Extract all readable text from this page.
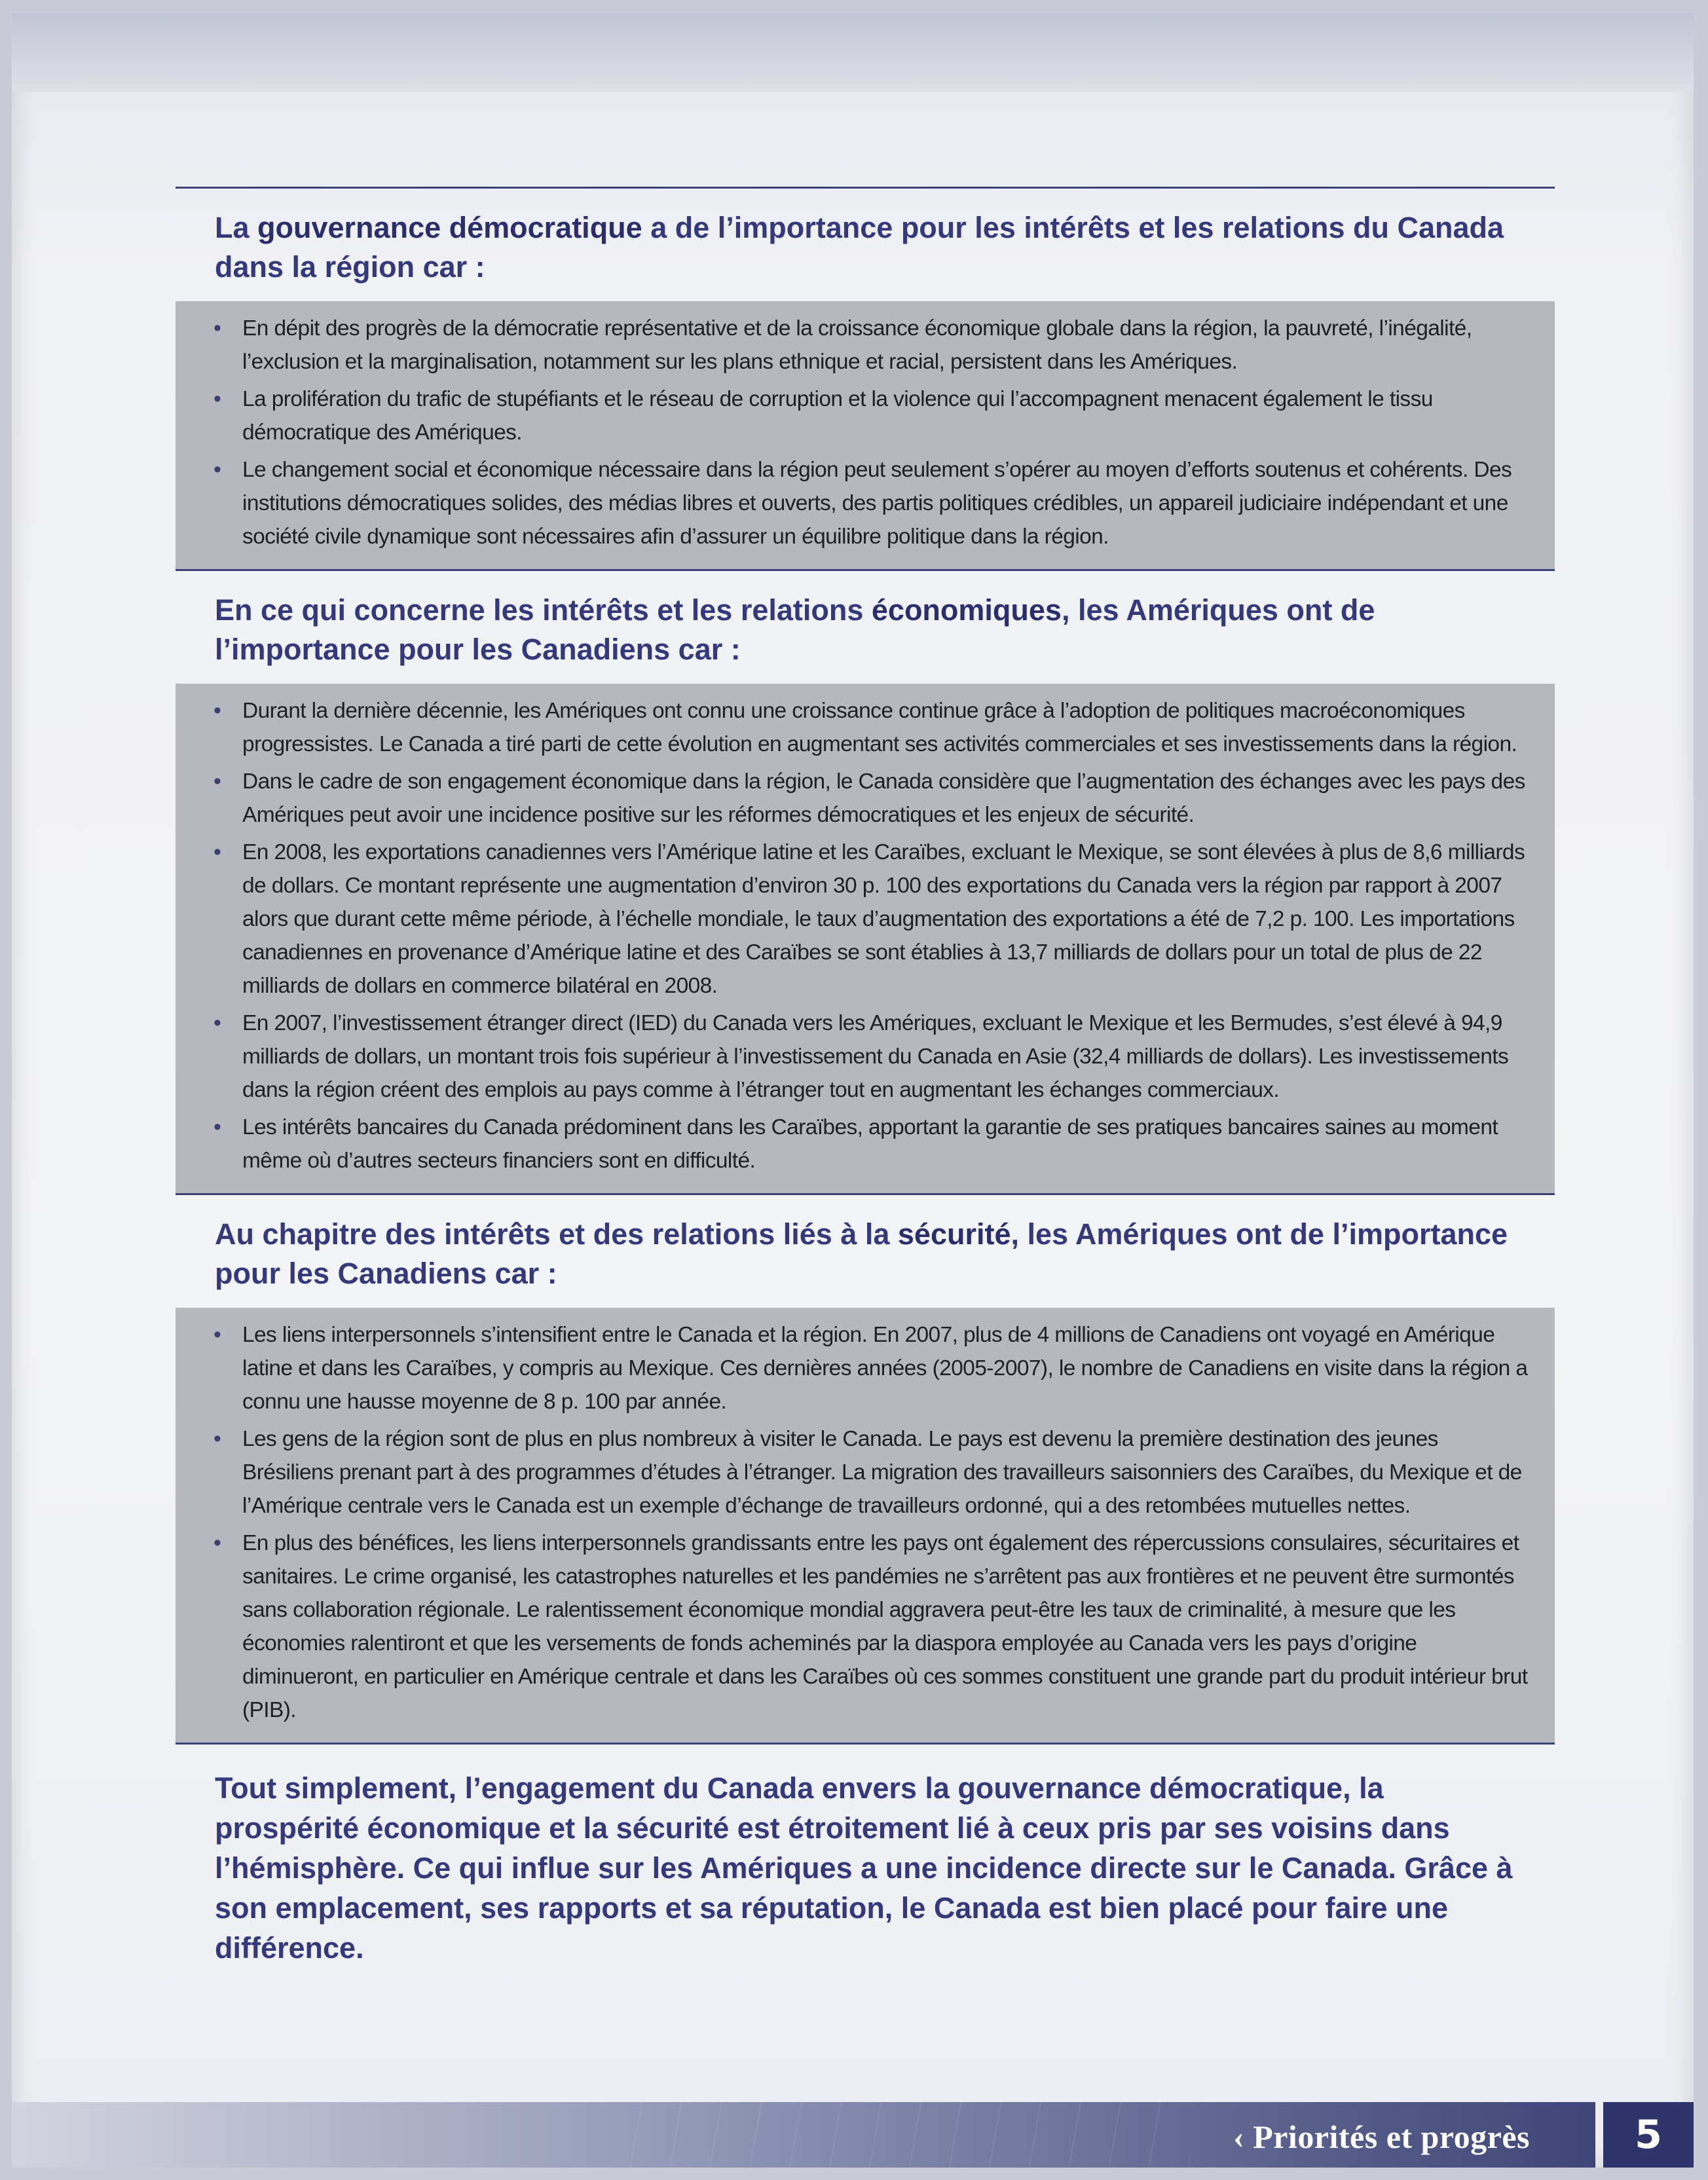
La gouvernance démocratique a de l’importance pour les intérêts et les relations du Canada dans la région car :
• En dépit des progrès de la démocratie représentative et de la croissance économique globale dans la région, la pauvreté, l’inégalité, l’exclusion et la marginalisation, notamment sur les plans ethnique et racial, persistent dans les Amériques.
• La prolifération du trafic de stupéfiants et le réseau de corruption et la violence qui l’accompagnent menacent également le tissu démocratique des Amériques.
• Le changement social et économique nécessaire dans la région peut seulement s’opérer au moyen d’efforts soutenus et cohérents. Des institutions démocratiques solides, des médias libres et ouverts, des partis politiques crédibles, un appareil judiciaire indépendant et une société civile dynamique sont nécessaires afin d’assurer un équilibre politique dans la région.
En ce qui concerne les intérêts et les relations économiques, les Amériques ont de l’importance pour les Canadiens car :
• Durant la dernière décennie, les Amériques ont connu une croissance continue grâce à l’adoption de politiques macroéconomiques progressistes. Le Canada a tiré parti de cette évolution en augmentant ses activités commerciales et ses investissements dans la région.
• Dans le cadre de son engagement économique dans la région, le Canada considère que l’augmentation des échanges avec les pays des Amériques peut avoir une incidence positive sur les réformes démocratiques et les enjeux de sécurité.
• En 2008, les exportations canadiennes vers l’Amérique latine et les Caraïbes, excluant le Mexique, se sont élevées à plus de 8,6 milliards de dollars. Ce montant représente une augmentation d’environ 30 p. 100 des exportations du Canada vers la région par rapport à 2007 alors que durant cette même période, à l’échelle mondiale, le taux d’augmentation des exportations a été de 7,2 p. 100. Les importations canadiennes en provenance d’Amérique latine et des Caraïbes se sont établies à 13,7 milliards de dollars pour un total de plus de 22 milliards de dollars en commerce bilatéral en 2008.
• En 2007, l’investissement étranger direct (IED) du Canada vers les Amériques, excluant le Mexique et les Bermudes, s’est élevé à 94,9 milliards de dollars, un montant trois fois supérieur à l’investissement du Canada en Asie (32,4 milliards de dollars). Les investissements dans la région créent des emplois au pays comme à l’étranger tout en augmentant les échanges commerciaux.
• Les intérêts bancaires du Canada prédominent dans les Caraïbes, apportant la garantie de ses pratiques bancaires saines au moment même où d’autres secteurs financiers sont en difficulté.
Au chapitre des intérêts et des relations liés à la sécurité, les Amériques ont de l’importance pour les Canadiens car :
• Les liens interpersonnels s’intensifient entre le Canada et la région. En 2007, plus de 4 millions de Canadiens ont voyagé en Amérique latine et dans les Caraïbes, y compris au Mexique. Ces dernières années (2005-2007), le nombre de Canadiens en visite dans la région a connu une hausse moyenne de 8 p. 100 par année.
• Les gens de la région sont de plus en plus nombreux à visiter le Canada. Le pays est devenu la première destination des jeunes Brésiliens prenant part à des programmes d’études à l’étranger. La migration des travailleurs saisonniers des Caraïbes, du Mexique et de l’Amérique centrale vers le Canada est un exemple d’échange de travailleurs ordonné, qui a des retombées mutuelles nettes.
• En plus des bénéfices, les liens interpersonnels grandissants entre les pays ont également des répercussions consulaires, sécuritaires et sanitaires. Le crime organisé, les catastrophes naturelles et les pandémies ne s’arrêtent pas aux frontières et ne peuvent être surmontés sans collaboration régionale. Le ralentissement économique mondial aggravera peut-être les taux de criminalité, à mesure que les économies ralentiront et que les versements de fonds acheminés par la diaspora employée au Canada vers les pays d’origine diminueront, en particulier en Amérique centrale et dans les Caraïbes où ces sommes constituent une grande part du produit intérieur brut (PIB).

Tout simplement, l’engagement du Canada envers la gouvernance démocratique, la prospérité économique et la sécurité est étroitement lié à ceux pris par ses voisins dans l’hémisphère. Ce qui influe sur les Amériques a une incidence directe sur le Canada. Grâce à son emplacement, ses rapports et sa réputation, le Canada est bien placé pour faire une différence.

‹ Priorités et progrès	5
